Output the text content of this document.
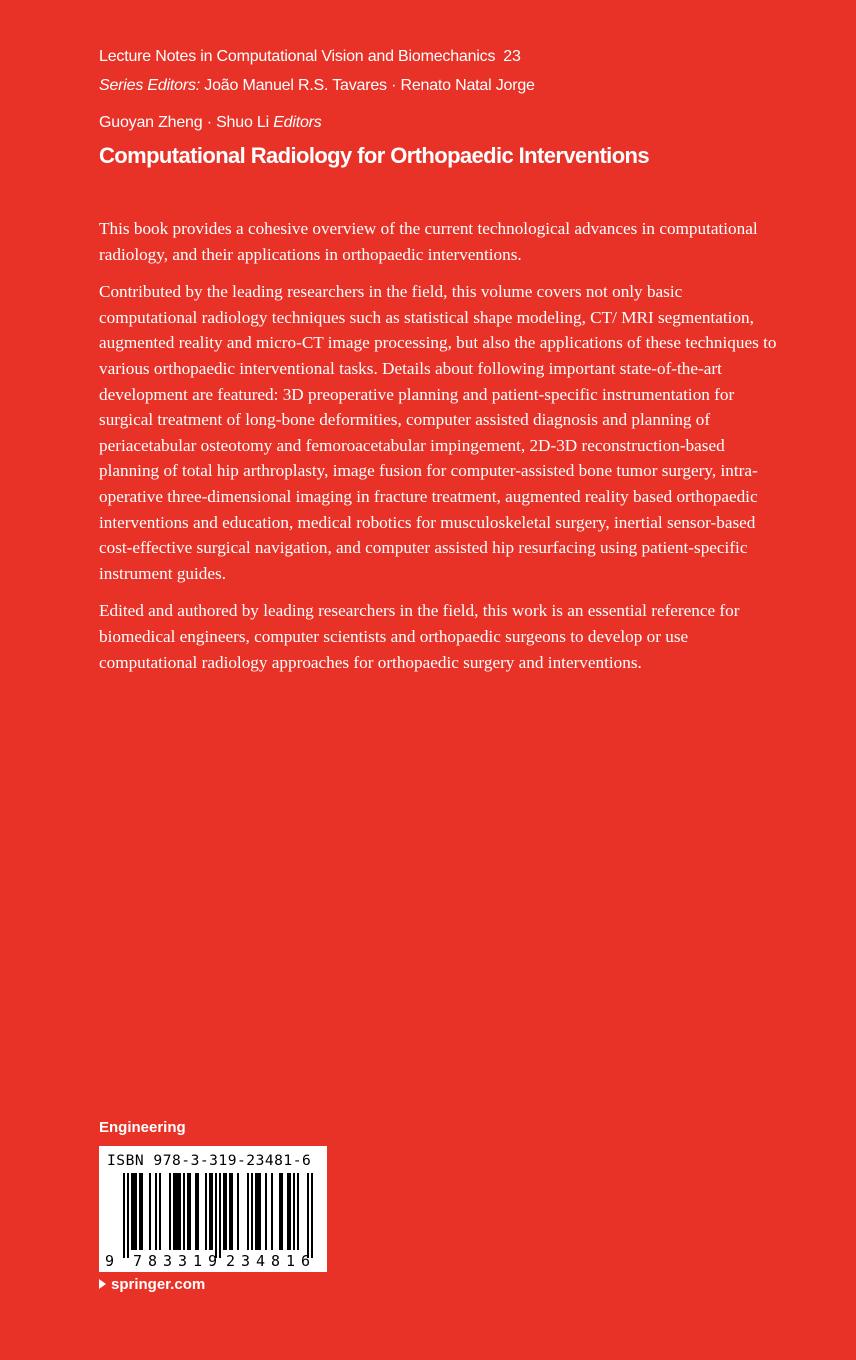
Lecture Notes in Computational Vision and Biomechanics 23
Series Editors: João Manuel R.S. Tavares · Renato Natal Jorge
Guoyan Zheng · Shuo Li Editors
Computational Radiology for Orthopaedic Interventions

This book provides a cohesive overview of the current technological advances in computational radiology, and their applications in orthopaedic interventions.

Contributed by the leading researchers in the field, this volume covers not only basic computational radiology techniques such as statistical shape modeling, CT/ MRI segmentation, augmented reality and micro-CT image processing, but also the applications of these techniques to various orthopaedic interventional tasks. Details about following important state-of-the-art development are featured: 3D preoperative planning and patient-specific instrumentation for surgical treatment of long-bone deformities, computer assisted diagnosis and planning of periacetabular osteotomy and femoroacetabular impingement, 2D-3D reconstruction-based planning of total hip arthroplasty, image fusion for computer-assisted bone tumor surgery, intra-operative three-dimensional imaging in fracture treatment, augmented reality based orthopaedic interventions and education, medical robotics for musculoskeletal surgery, inertial sensor-based cost-effective surgical navigation, and computer assisted hip resurfacing using patient-specific instrument guides.

Edited and authored by leading researchers in the field, this work is an essential reference for biomedical engineers, computer scientists and orthopaedic surgeons to develop or use computational radiology approaches for orthopaedic surgery and interventions.

Engineering
ISBN 978-3-319-23481-6
9 783319 234816
springer.com
